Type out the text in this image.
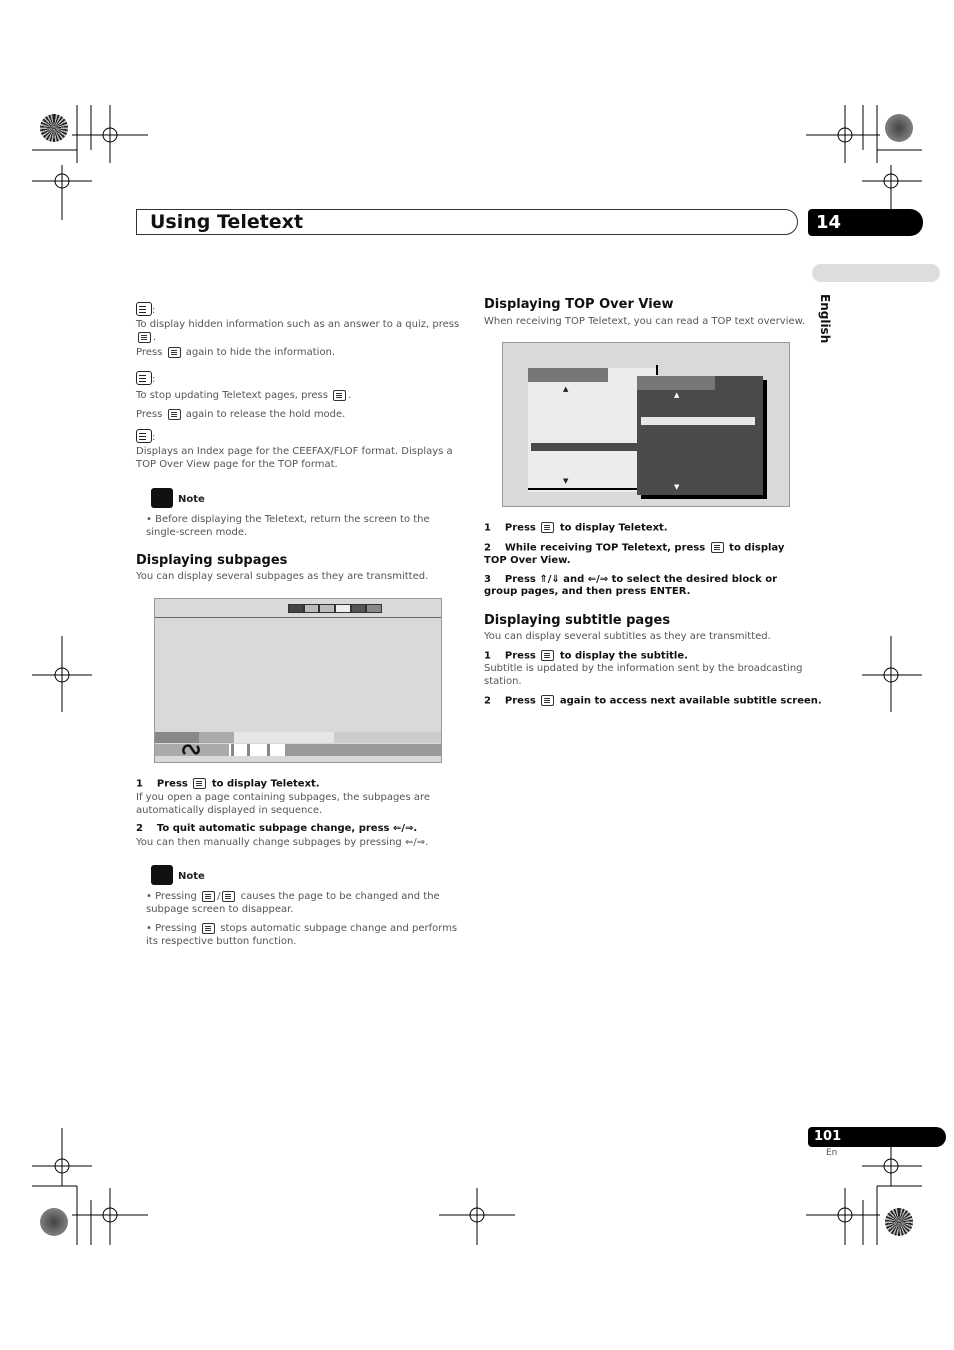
Using Teletext	14
English
:
To display hidden information such as an answer to a quiz, press
.
Press again to hide the information.
:
To stop updating Teletext pages, press .
Press again to release the hold mode.
:
Displays an Index page for the CEEFAX/FLOF format. Displays a TOP Over View page for the TOP format.
Note
• Before displaying the Teletext, return the screen to the single-screen mode.
Displaying subpages
You can display several subpages as they are transmitted.
1 Press to display Teletext.
If you open a page containing subpages, the subpages are automatically displayed in sequence.
2 To quit automatic subpage change, press ⇐/⇒.
You can then manually change subpages by pressing ⇐/⇒.
Note
• Pressing / causes the page to be changed and the subpage screen to disappear.
• Pressing stops automatic subpage change and performs its respective button function.
Displaying TOP Over View
When receiving TOP Teletext, you can read a TOP text overview.
▲
▼
▲
▼
1 Press to display Teletext.
2 While receiving TOP Teletext, press to display TOP Over View.
3 Press ⇑/⇓ and ⇐/⇒ to select the desired block or group pages, and then press ENTER.
Displaying subtitle pages
You can display several subtitles as they are transmitted.
1 Press to display the subtitle.
Subtitle is updated by the information sent by the broadcasting station.
2 Press again to access next available subtitle screen.
101
En
